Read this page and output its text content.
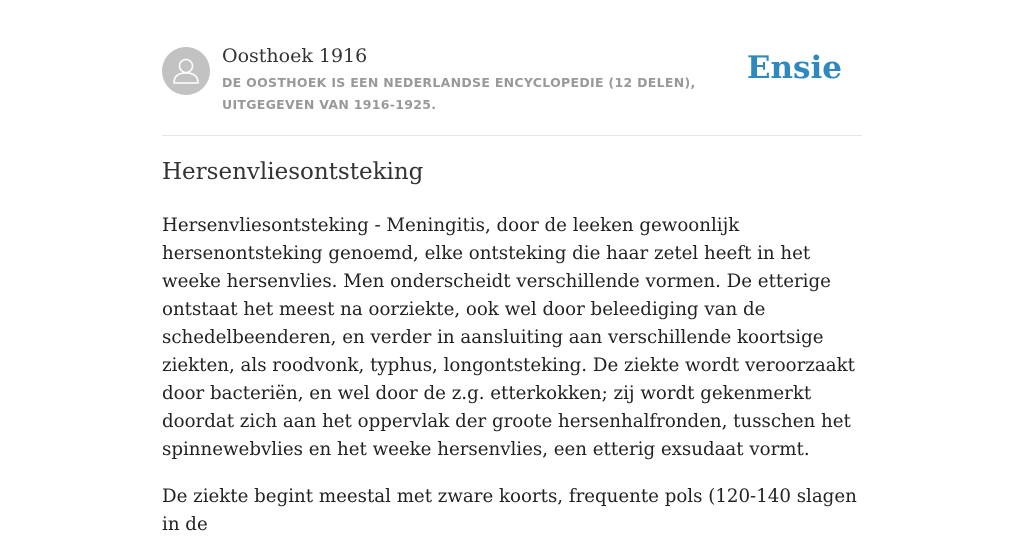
Oosthoek 1916
DE OOSTHOEK IS EEN NEDERLANDSE ENCYCLOPEDIE (12 DELEN), UITGEGEVEN VAN 1916-1925.
Ensie
Hersenvliesontsteking

Hersenvliesontsteking - Meningitis, door de leeken gewoonlijk hersenontsteking genoemd, elke ontsteking die haar zetel heeft in het weeke hersenvlies. Men onderscheidt verschillende vormen. De etterige ontstaat het meest na oorziekte, ook wel door beleediging van de schedelbeenderen, en verder in aansluiting aan verschillende koortsige ziekten, als roodvonk, typhus, longontsteking. De ziekte wordt veroorzaakt door bacteriën, en wel door de z.g. etterkokken; zij wordt gekenmerkt doordat zich aan het oppervlak der groote hersenhalfronden, tusschen het spinnewebvlies en het weeke hersenvlies, een etterig exsudaat vormt.

De ziekte begint meestal met zware koorts, frequente pols (120-140 slagen in de
